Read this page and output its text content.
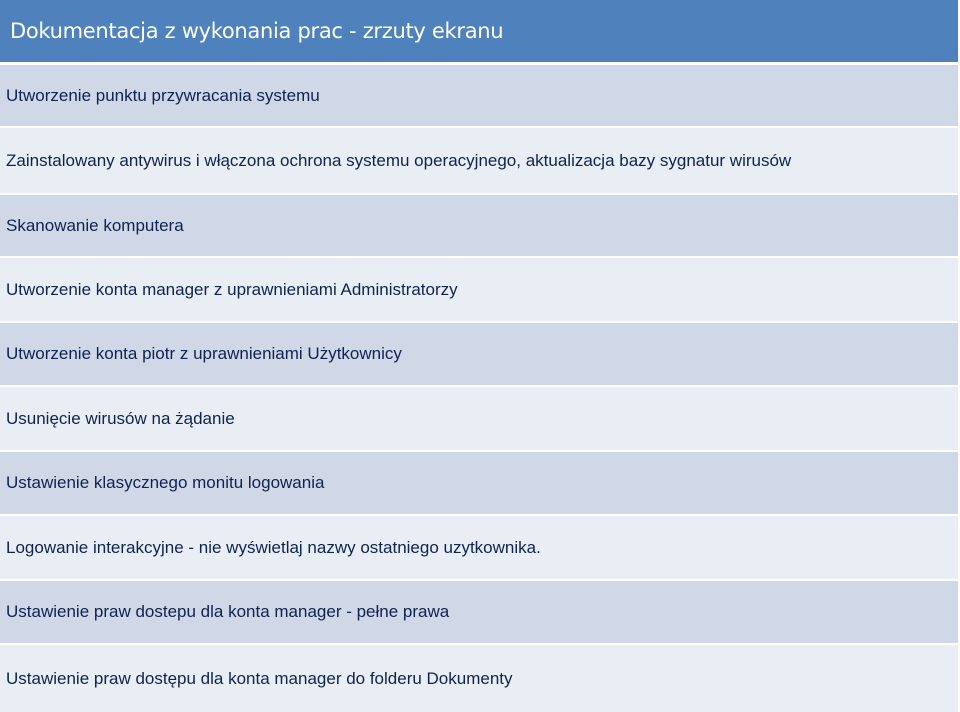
Dokumentacja z wykonania prac - zrzuty ekranu
Utworzenie punktu przywracania systemu
Zainstalowany antywirus i włączona ochrona systemu operacyjnego, aktualizacja bazy sygnatur wirusów
Skanowanie komputera
Utworzenie konta manager z uprawnieniami Administratorzy
Utworzenie konta piotr z uprawnieniami Użytkownicy
Usunięcie wirusów na żądanie
Ustawienie klasycznego monitu logowania
Logowanie interakcyjne - nie wyświetlaj nazwy ostatniego uzytkownika.
Ustawienie praw dostepu dla konta manager - pełne prawa
Ustawienie praw dostępu dla konta manager do folderu Dokumenty
